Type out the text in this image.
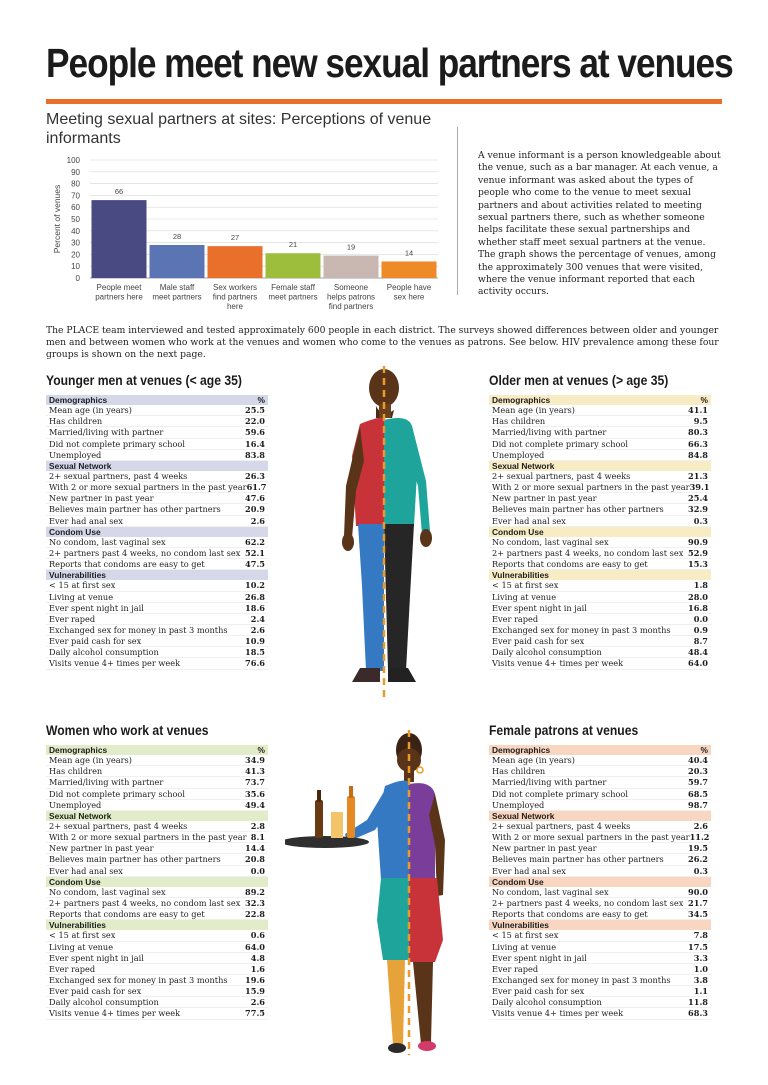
People meet new sexual partners at venues
Meeting sexual partners at sites: Perceptions of venue informants
A venue informant is a person knowledgeable about the venue, such as a bar manager. At each venue, a venue informant was asked about the types of people who come to the venue to meet sexual partners and about activities related to meeting sexual partners there, such as whether someone helps facilitate these sexual partnerships and whether staff meet sexual partners at the venue. The graph shows the percentage of venues, among the approximately 300 venues that were visited, where the venue informant reported that each activity occurs.
0
10
20
30
40
50
60
70
80
90
100
Percent of venues	66
People meet
partners here
28
Male staff
meet partners
27
Sex workers
find partners
here
21
Female staff
meet partners
19
Someone
helps patrons
find partners
14
People have
sex here
The PLACE team interviewed and tested approximately 600 people in each district. The surveys showed differences between older and younger men and between women who work at the venues and women who come to the venues as patrons. See below. HIV prevalence among these four groups is shown on the next page.
Younger men at venues (< age 35)
Demographics	%
Mean age (in years)	25.5
Has children	22.0
Married/living with partner	59.6
Did not complete primary school	16.4
Unemployed	83.8
Sexual Network
2+ sexual partners, past 4 weeks	26.3
With 2 or more sexual partners in the past year 61.7
New partner in past year	47.6
Believes main partner has other partners	20.9
Ever had anal sex	2.6
Condom Use
No condom, last vaginal sex	62.2
2+ partners past 4 weeks, no condom last sex 52.1
Reports that condoms are easy to get	47.5
Vulnerabilities
< 15 at first sex	10.2
Living at venue	26.8
Ever spent night in jail	18.6
Ever raped	2.4
Exchanged sex for money in past 3 months	2.6
Ever paid cash for sex	10.9
Daily alcohol consumption	18.5
Visits venue 4+ times per week	76.6
Older men at venues (> age 35)
Demographics	%
Mean age (in years)	41.1
Has children	9.5
Married/living with partner	80.3
Did not complete primary school	66.3
Unemployed	84.8
Sexual Network
2+ sexual partners, past 4 weeks	21.3
With 2 or more sexual partners in the past year 39.1
New partner in past year	25.4
Believes main partner has other partners	32.9
Ever had anal sex	0.3
Condom Use
No condom, last vaginal sex	90.9
2+ partners past 4 weeks, no condom last sex 52.9
Reports that condoms are easy to get	15.3
Vulnerabilities
< 15 at first sex	1.8
Living at venue	28.0
Ever spent night in jail	16.8
Ever raped	0.0
Exchanged sex for money in past 3 months	0.9
Ever paid cash for sex	8.7
Daily alcohol consumption	48.4
Visits venue 4+ times per week	64.0
Women who work at venues
Demographics	%
Mean age (in years)	34.9
Has children	41.3
Married/living with partner	73.7
Did not complete primary school	35.6
Unemployed	49.4
Sexual Network
2+ sexual partners, past 4 weeks	2.8
With 2 or more sexual partners in the past year 8.1
New partner in past year	14.4
Believes main partner has other partners	20.8
Ever had anal sex	0.0
Condom Use
No condom, last vaginal sex	89.2
2+ partners past 4 weeks, no condom last sex 32.3
Reports that condoms are easy to get	22.8
Vulnerabilities
< 15 at first sex	0.6
Living at venue	64.0
Ever spent night in jail	4.8
Ever raped	1.6
Exchanged sex for money in past 3 months 19.6
Ever paid cash for sex	15.9
Daily alcohol consumption	2.6
Visits venue 4+ times per week	77.5
Female patrons at venues
Demographics	%
Mean age (in years)	40.4
Has children	20.3
Married/living with partner	59.7
Did not complete primary school	68.5
Unemployed	98.7
Sexual Network
2+ sexual partners, past 4 weeks	2.6
With 2 or more sexual partners in the past year 11.2
New partner in past year	19.5
Believes main partner has other partners	26.2
Ever had anal sex	0.3
Condom Use
No condom, last vaginal sex	90.0
2+ partners past 4 weeks, no condom last sex 21.7
Reports that condoms are easy to get	34.5
Vulnerabilities
< 15 at first sex	7.8
Living at venue	17.5
Ever spent night in jail	3.3
Ever raped	1.0
Exchanged sex for money in past 3 months	3.8
Ever paid cash for sex	1.1
Daily alcohol consumption	11.8
Visits venue 4+ times per week	68.3
